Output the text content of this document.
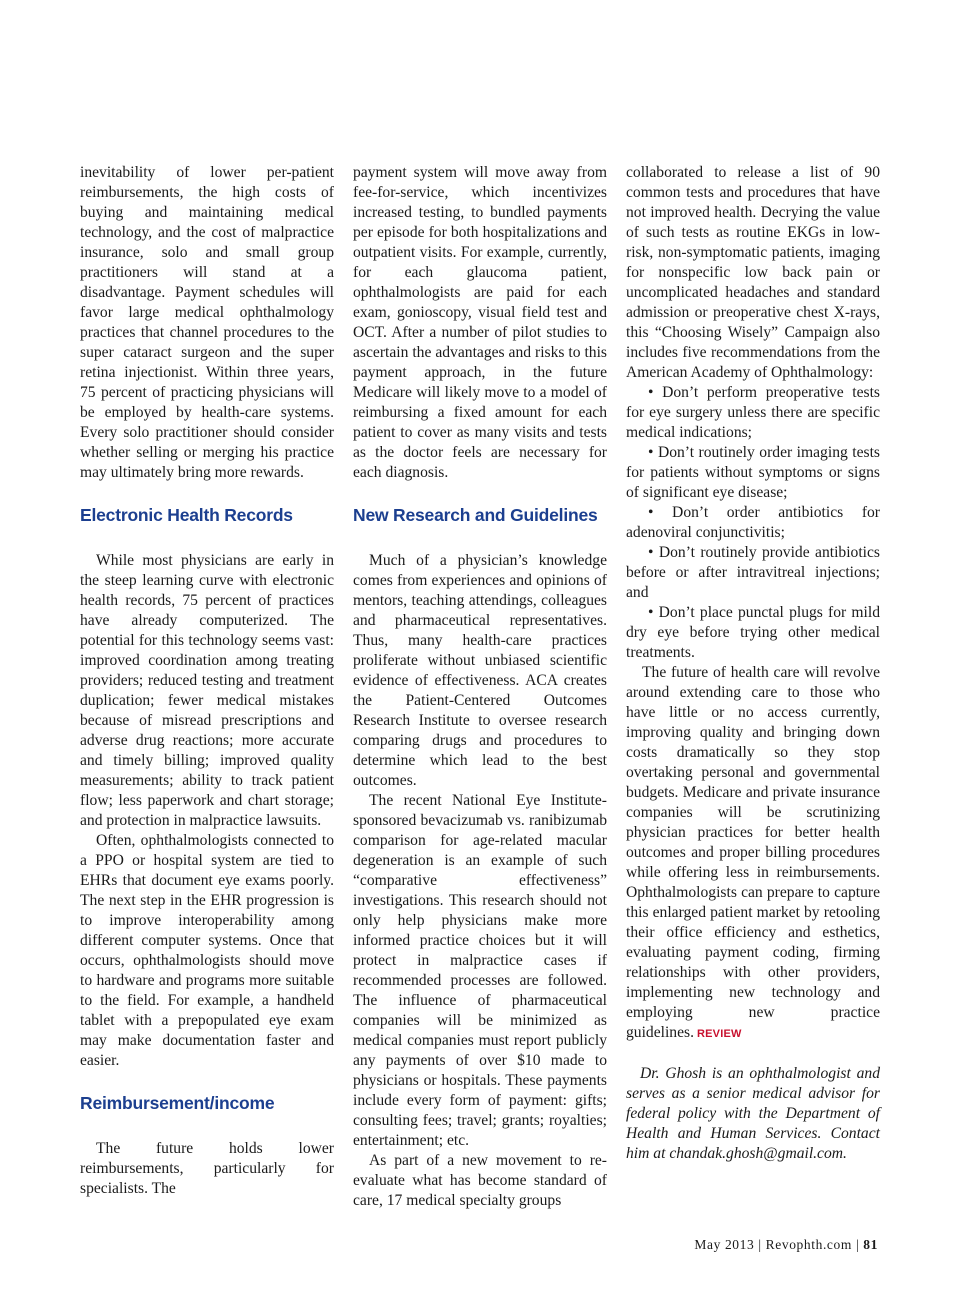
inevitability of lower per-patient reimbursements, the high costs of buying and maintaining medical technology, and the cost of malpractice insurance, solo and small group practitioners will stand at a disadvantage. Payment schedules will favor large medical ophthalmology practices that channel procedures to the super cataract surgeon and the super retina injectionist. Within three years, 75 percent of practicing physicians will be employed by health-care systems. Every solo practitioner should consider whether selling or merging his practice may ultimately bring more rewards.

Electronic Health Records

While most physicians are early in the steep learning curve with electronic health records, 75 percent of practices have already computerized. The potential for this technology seems vast: improved coordination among treating providers; reduced testing and treatment duplication; fewer medical mistakes because of misread prescriptions and adverse drug reactions; more accurate and timely billing; improved quality measurements; ability to track patient flow; less paperwork and chart storage; and protection in malpractice lawsuits.

Often, ophthalmologists connected to a PPO or hospital system are tied to EHRs that document eye exams poorly. The next step in the EHR progression is to improve interoperability among different computer systems. Once that occurs, ophthalmologists should move to hardware and programs more suitable to the field. For example, a handheld tablet with a prepopulated eye exam may make documentation faster and easier.

Reimbursement/income

The future holds lower reimbursements, particularly for specialists. The

payment system will move away from fee-for-service, which incentivizes increased testing, to bundled payments per episode for both hospitalizations and outpatient visits. For example, currently, for each glaucoma patient, ophthalmologists are paid for each exam, gonioscopy, visual field test and OCT. After a number of pilot studies to ascertain the advantages and risks to this payment approach, in the future Medicare will likely move to a model of reimbursing a fixed amount for each patient to cover as many visits and tests as the doctor feels are necessary for each diagnosis.

New Research and Guidelines

Much of a physician’s knowledge comes from experiences and opinions of mentors, teaching attendings, colleagues and pharmaceutical representatives. Thus, many health-care practices proliferate without unbiased scientific evidence of effectiveness. ACA creates the Patient-Centered Outcomes Research Institute to oversee research comparing drugs and procedures to determine which lead to the best outcomes.

The recent National Eye Institute-sponsored bevacizumab vs. ranibizumab comparison for age-related macular degeneration is an example of such “comparative effectiveness” investigations. This research should not only help physicians make more informed practice choices but it will protect in malpractice cases if recommended processes are followed. The influence of pharmaceutical companies will be minimized as medical companies must report publicly any payments of over $10 made to physicians or hospitals. These payments include every form of payment: gifts; consulting fees; travel; grants; royalties; entertainment; etc.

As part of a new movement to re-evaluate what has become standard of care, 17 medical specialty groups

collaborated to release a list of 90 common tests and procedures that have not improved health. Decrying the value of such tests as routine EKGs in low-risk, non-symptomatic patients, imaging for nonspecific low back pain or uncomplicated headaches and standard admission or preoperative chest X-rays, this “Choosing Wisely” Campaign also includes five recommendations from the American Academy of Ophthalmology:

• Don’t perform preoperative tests for eye surgery unless there are specific medical indications;

• Don’t routinely order imaging tests for patients without symptoms or signs of significant eye disease;

• Don’t order antibiotics for adenoviral conjunctivitis;

• Don’t routinely provide antibiotics before or after intravitreal injections; and

• Don’t place punctal plugs for mild dry eye before trying other medical treatments.

The future of health care will revolve around extending care to those who have little or no access currently, improving quality and bringing down costs dramatically so they stop overtaking personal and governmental budgets. Medicare and private insurance companies will be scrutinizing physician practices for better health outcomes and proper billing procedures while offering less in reimbursements. Ophthalmologists can prepare to capture this enlarged patient market by retooling their office efficiency and esthetics, evaluating payment coding, firming relationships with other providers, implementing new technology and employing new practice guidelines. REVIEW

Dr. Ghosh is an ophthalmologist and serves as a senior medical advisor for federal policy with the Department of Health and Human Services. Contact him at chandak.ghosh@gmail.com.

May 2013 | Revophth.com | 81
